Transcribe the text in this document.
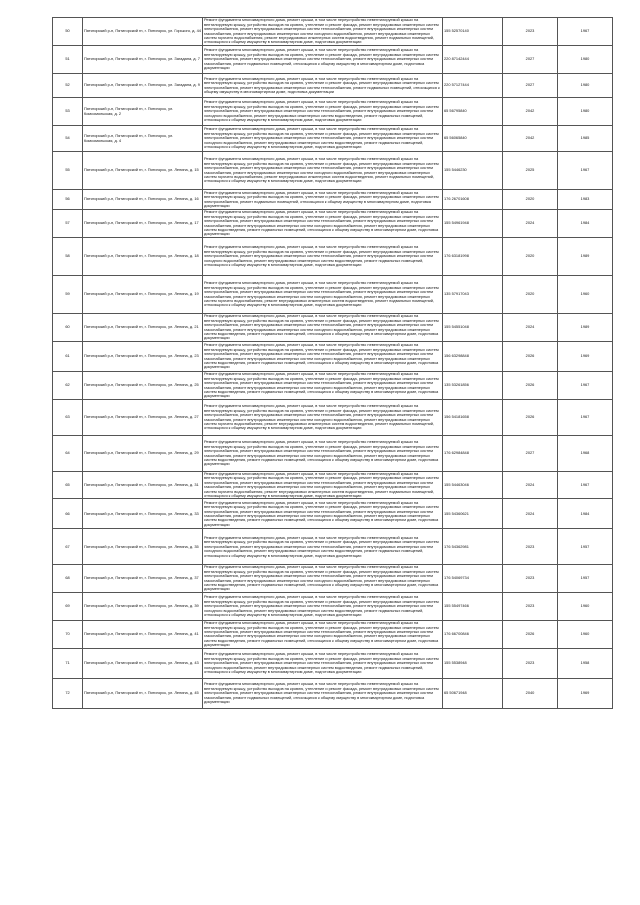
50	Пятигорский р-н, Пятигорский гп, г. Пятигорск, ул. Горького, д. 44	Ремонт фундамента многоквартирного дома, ремонт крыши, в том числе переустройство невентилируемой крыши на вентилируемую крышу, устройство выходов на кровлю, утепление и ремонт фасада, ремонт внутридомовых инженерных систем электроснабжения, ремонт внутридомовых инженерных систем теплоснабжения, ремонт внутридомовых инженерных систем газоснабжения, ремонт внутридомовых инженерных систем холодного водоснабжения, ремонт внутридомовых инженерных систем горячего водоснабжения, ремонт внутридомовых инженерных систем водоотведения, ремонт подвальных помещений, относящихся к общему имуществу в многоквартирном доме, подготовка документации	155 52570140	2023	1967
51	Пятигорский р-н, Пятигорский гп, г. Пятигорск, ул. Загадана, д. 7	Ремонт фундамента многоквартирного дома, ремонт крыши, в том числе переустройство невентилируемой крыши на вентилируемую крышу, устройство выходов на кровлю, утепление и ремонт фасада, ремонт внутридомовых инженерных систем электроснабжения, ремонт внутридомовых инженерных систем теплоснабжения, ремонт внутридомовых инженерных систем газоснабжения, ремонт подвальных помещений, относящихся к общему имуществу в многоквартирном доме, подготовка документации	220 87142444	2027	1980
52	Пятигорский р-н, Пятигорский гп, г. Пятигорск, ул. Загадана, д. 9	Ремонт фундамента многоквартирного дома, ремонт крыши, в том числе переустройство невентилируемой крыши на вентилируемую крышу, устройство выходов на кровлю, утепление и ремонт фасада, ремонт внутридомовых инженерных систем электроснабжения, ремонт внутридомовых инженерных систем теплоснабжения, ремонт подвальных помещений, относящихся к общему имуществу в многоквартирном доме, подготовка документации	220 57127444	2027	1980
53	Пятигорский р-н, Пятигорский гп, г. Пятигорск, ул. Комсомольская, д. 2	Ремонт фундамента многоквартирного дома, ремонт крыши, в том числе переустройство невентилируемой крыши на вентилируемую крышу, устройство выходов на кровлю, утепление и ремонт фасада, ремонт внутридомовых инженерных систем электроснабжения, ремонт внутридомовых инженерных систем теплоснабжения, ремонт внутридомовых инженерных систем холодного водоснабжения, ремонт внутридомовых инженерных систем водоотведения, ремонт подвальных помещений, относящихся к общему имуществу в многоквартирном доме, подготовка документации	65 56795840	2042	1980
54	Пятигорский р-н, Пятигорский гп, г. Пятигорск, ул. Комсомольская, д. 4	Ремонт фундамента многоквартирного дома, ремонт крыши, в том числе переустройство невентилируемой крыши на вентилируемую крышу, устройство выходов на кровлю, утепление и ремонт фасада, ремонт внутридомовых инженерных систем электроснабжения, ремонт внутридомовых инженерных систем теплоснабжения, ремонт внутридомовых инженерных систем холодного водоснабжения, ремонт внутридомовых инженерных систем водоотведения, ремонт подвальных помещений, относящихся к общему имуществу в многоквартирном доме, подготовка документации	65 56065840	2042	1985
55	Пятигорский р-н, Пятигорский гп, г. Пятигорск, ул. Ленина, д. 15	Ремонт фундамента многоквартирного дома, ремонт крыши, в том числе переустройство невентилируемой крыши на вентилируемую крышу, устройство выходов на кровлю, утепление и ремонт фасада, ремонт внутридомовых инженерных систем электроснабжения, ремонт внутридомовых инженерных систем теплоснабжения, ремонт внутридомовых инженерных систем газоснабжения, ремонт внутридомовых инженерных систем холодного водоснабжения, ремонт внутридомовых инженерных систем горячего водоснабжения, ремонт внутридомовых инженерных систем водоотведения, ремонт подвальных помещений, относящихся к общему имуществу в многоквартирном доме, подготовка документации	155 5446230	2025	1967
56	Пятигорский р-н, Пятигорский гп, г. Пятигорск, ул. Ленина, д. 16	Ремонт фундамента многоквартирного дома, ремонт крыши, в том числе переустройство невентилируемой крыши на вентилируемую крышу, устройство выходов на кровлю, утепление и ремонт фасада, ремонт внутридомовых инженерных систем электроснабжения, ремонт подвальных помещений, относящихся к общему имуществу в многоквартирном доме, подготовка документации	176 26701608	2020	1983
57	Пятигорский р-н, Пятигорский гп, г. Пятигорск, ул. Ленина, д. 17	Ремонт фундамента многоквартирного дома, ремонт крыши, в том числе переустройство невентилируемой крыши на вентилируемую крышу, устройство выходов на кровлю, утепление и ремонт фасада, ремонт внутридомовых инженерных систем электроснабжения, ремонт внутридомовых инженерных систем теплоснабжения, ремонт внутридомовых инженерных систем газоснабжения, ремонт внутридомовых инженерных систем холодного водоснабжения, ремонт внутридомовых инженерных систем водоотведения, ремонт подвальных помещений, относящихся к общему имуществу в многоквартирном доме, подготовка документации	155 54961948	2024	1984
58	Пятигорский р-н, Пятигорский гп, г. Пятигорск, ул. Ленина, д. 18	Ремонт фундамента многоквартирного дома, ремонт крыши, в том числе переустройство невентилируемой крыши на вентилируемую крышу, устройство выходов на кровлю, утепление и ремонт фасада, ремонт внутридомовых инженерных систем электроснабжения, ремонт внутридомовых инженерных систем теплоснабжения, ремонт внутридомовых инженерных систем холодного водоснабжения, ремонт внутридомовых инженерных систем водоотведения, ремонт подвальных помещений, относящихся к общему имуществу в многоквартирном доме, подготовка документации	176 63181998	2020	1989
59	Пятигорский р-н, Пятигорский гп, г. Пятигорск, ул. Ленина, д. 19	Ремонт фундамента многоквартирного дома, ремонт крыши, в том числе переустройство невентилируемой крыши на вентилируемую крышу, устройство выходов на кровлю, утепление и ремонт фасада, ремонт внутридомовых инженерных систем электроснабжения, ремонт внутридомовых инженерных систем теплоснабжения, ремонт внутридомовых инженерных систем газоснабжения, ремонт внутридомовых инженерных систем холодного водоснабжения, ремонт внутридомовых инженерных систем горячего водоснабжения, ремонт внутридомовых инженерных систем водоотведения, ремонт подвальных помещений, относящихся к общему имуществу в многоквартирном доме, подготовка документации	135 57917043	2020	1960
60	Пятигорский р-н, Пятигорский гп, г. Пятигорск, ул. Ленина, д. 21	Ремонт фундамента многоквартирного дома, ремонт крыши, в том числе переустройство невентилируемой крыши на вентилируемую крышу, устройство выходов на кровлю, утепление и ремонт фасада, ремонт внутридомовых инженерных систем электроснабжения, ремонт внутридомовых инженерных систем теплоснабжения, ремонт внутридомовых инженерных систем газоснабжения, ремонт внутридомовых инженерных систем холодного водоснабжения, ремонт внутридомовых инженерных систем водоотведения, ремонт подвальных помещений, относящихся к общему имуществу в многоквартирном доме, подготовка документации	155 54551048	2024	1989
61	Пятигорский р-н, Пятигорский гп, г. Пятигорск, ул. Ленина, д. 23	Ремонт фундамента многоквартирного дома, ремонт крыши, в том числе переустройство невентилируемой крыши на вентилируемую крышу, устройство выходов на кровлю, утепление и ремонт фасада, ремонт внутридомовых инженерных систем электроснабжения, ремонт внутридомовых инженерных систем теплоснабжения, ремонт внутридомовых инженерных систем газоснабжения, ремонт внутридомовых инженерных систем холодного водоснабжения, ремонт внутридомовых инженерных систем водоотведения, ремонт подвальных помещений, относящихся к общему имуществу в многоквартирном доме, подготовка документации	156 63298848	2026	1969
62	Пятигорский р-н, Пятигорский гп, г. Пятигорск, ул. Ленина, д. 25	Ремонт фундамента многоквартирного дома, ремонт крыши, в том числе переустройство невентилируемой крыши на вентилируемую крышу, устройство выходов на кровлю, утепление и ремонт фасада, ремонт внутридомовых инженерных систем электроснабжения, ремонт внутридомовых инженерных систем теплоснабжения, ремонт внутридомовых инженерных систем газоснабжения, ремонт внутридомовых инженерных систем холодного водоснабжения, ремонт внутридомовых инженерных систем водоотведения, ремонт подвальных помещений, относящихся к общему имуществу в многоквартирном доме, подготовка документации	135 53261856	2026	1967
63	Пятигорский р-н, Пятигорский гп, г. Пятигорск, ул. Ленина, д. 27	Ремонт фундамента многоквартирного дома, ремонт крыши, в том числе переустройство невентилируемой крыши на вентилируемую крышу, устройство выходов на кровлю, утепление и ремонт фасада, ремонт внутридомовых инженерных систем электроснабжения, ремонт внутридомовых инженерных систем теплоснабжения, ремонт внутридомовых инженерных систем газоснабжения, ремонт внутридомовых инженерных систем холодного водоснабжения, ремонт внутридомовых инженерных систем горячего водоснабжения, ремонт внутридомовых инженерных систем водоотведения, ремонт подвальных помещений, относящихся к общему имуществу в многоквартирном доме, подготовка документации	156 54181658	2026	1967
64	Пятигорский р-н, Пятигорский гп, г. Пятигорск, ул. Ленина, д. 29	Ремонт фундамента многоквартирного дома, ремонт крыши, в том числе переустройство невентилируемой крыши на вентилируемую крышу, устройство выходов на кровлю, утепление и ремонт фасада, ремонт внутридомовых инженерных систем электроснабжения, ремонт внутридомовых инженерных систем теплоснабжения, ремонт внутридомовых инженерных систем газоснабжения, ремонт внутридомовых инженерных систем холодного водоснабжения, ремонт внутридомовых инженерных систем водоотведения, ремонт подвальных помещений, относящихся к общему имуществу в многоквартирном доме, подготовка документации	176 62984848	2027	1968
65	Пятигорский р-н, Пятигорский гп, г. Пятигорск, ул. Ленина, д. 31	Ремонт фундамента многоквартирного дома, ремонт крыши, в том числе переустройство невентилируемой крыши на вентилируемую крышу, устройство выходов на кровлю, утепление и ремонт фасада, ремонт внутридомовых инженерных систем электроснабжения, ремонт внутридомовых инженерных систем теплоснабжения, ремонт внутридомовых инженерных систем газоснабжения, ремонт внутридомовых инженерных систем холодного водоснабжения, ремонт внутридомовых инженерных систем горячего водоснабжения, ремонт внутридомовых инженерных систем водоотведения, ремонт подвальных помещений, относящихся к общему имуществу в многоквартирном доме, подготовка документации	155 54463046	2024	1967
66	Пятигорский р-н, Пятигорский гп, г. Пятигорск, ул. Ленина, д. 33	Ремонт фундамента многоквартирного дома, ремонт крыши, в том числе переустройство невентилируемой крыши на вентилируемую крышу, устройство выходов на кровлю, утепление и ремонт фасада, ремонт внутридомовых инженерных систем электроснабжения, ремонт внутридомовых инженерных систем теплоснабжения, ремонт внутридомовых инженерных систем газоснабжения, ремонт внутридомовых инженерных систем холодного водоснабжения, ремонт внутридомовых инженерных систем водоотведения, ремонт подвальных помещений, относящихся к общему имуществу в многоквартирном доме, подготовка документации	155 54360621	2024	1984
67	Пятигорский р-н, Пятигорский гп, г. Пятигорск, ул. Ленина, д. 35	Ремонт фундамента многоквартирного дома, ремонт крыши, в том числе переустройство невентилируемой крыши на вентилируемую крышу, устройство выходов на кровлю, утепление и ремонт фасада, ремонт внутридомовых инженерных систем электроснабжения, ремонт внутридомовых инженерных систем теплоснабжения, ремонт внутридомовых инженерных систем холодного водоснабжения, ремонт внутридомовых инженерных систем водоотведения, ремонт подвальных помещений, относящихся к общему имуществу в многоквартирном доме, подготовка документации	176 54362981	2023	1957
68	Пятигорский р-н, Пятигорский гп, г. Пятигорск, ул. Ленина, д. 37	Ремонт фундамента многоквартирного дома, ремонт крыши, в том числе переустройство невентилируемой крыши на вентилируемую крышу, устройство выходов на кровлю, утепление и ремонт фасада, ремонт внутридомовых инженерных систем электроснабжения, ремонт внутридомовых инженерных систем теплоснабжения, ремонт внутридомовых инженерных систем газоснабжения, ремонт внутридомовых инженерных систем холодного водоснабжения, ремонт внутридомовых инженерных систем водоотведения, ремонт подвальных помещений, относящихся к общему имуществу в многоквартирном доме, подготовка документации	176 54069734	2023	1957
69	Пятигорский р-н, Пятигорский гп, г. Пятигорск, ул. Ленина, д. 39	Ремонт фундамента многоквартирного дома, ремонт крыши, в том числе переустройство невентилируемой крыши на вентилируемую крышу, устройство выходов на кровлю, утепление и ремонт фасада, ремонт внутридомовых инженерных систем электроснабжения, ремонт внутридомовых инженерных систем теплоснабжения, ремонт внутридомовых инженерных систем холодного водоснабжения, ремонт внутридомовых инженерных систем водоотведения, ремонт подвальных помещений, относящихся к общему имуществу в многоквартирном доме, подготовка документации	155 55497466	2023	1960
70	Пятигорский р-н, Пятигорский гп, г. Пятигорск, ул. Ленина, д. 41	Ремонт фундамента многоквартирного дома, ремонт крыши, в том числе переустройство невентилируемой крыши на вентилируемую крышу, устройство выходов на кровлю, утепление и ремонт фасада, ремонт внутридомовых инженерных систем электроснабжения, ремонт внутридомовых инженерных систем теплоснабжения, ремонт внутридомовых инженерных систем газоснабжения, ремонт внутридомовых инженерных систем холодного водоснабжения, ремонт внутридомовых инженерных систем водоотведения, ремонт подвальных помещений, относящихся к общему имуществу в многоквартирном доме, подготовка документации	176 66700846	2026	1960
71	Пятигорский р-н, Пятигорский гп, г. Пятигорск, ул. Ленина, д. 43	Ремонт фундамента многоквартирного дома, ремонт крыши, в том числе переустройство невентилируемой крыши на вентилируемую крышу, устройство выходов на кровлю, утепление и ремонт фасада, ремонт внутридомовых инженерных систем электроснабжения, ремонт внутридомовых инженерных систем теплоснабжения, ремонт внутридомовых инженерных систем холодного водоснабжения, ремонт внутридомовых инженерных систем водоотведения, ремонт подвальных помещений, относящихся к общему имуществу в многоквартирном доме, подготовка документации	155 5538948	2023	1958
72	Пятигорский р-н, Пятигорский гп, г. Пятигорск, ул. Ленина, д. 45	Ремонт фундамента многоквартирного дома, ремонт крыши, в том числе переустройство невентилируемой крыши на вентилируемую крышу, устройство выходов на кровлю, утепление и ремонт фасада, ремонт внутридомовых инженерных систем электроснабжения, ремонт внутридомовых инженерных систем теплоснабжения, ремонт внутридомовых инженерных систем газоснабжения, ремонт подвальных помещений, относящихся к общему имуществу в многоквартирном доме, подготовка документации	65 50671948	2040	1969
